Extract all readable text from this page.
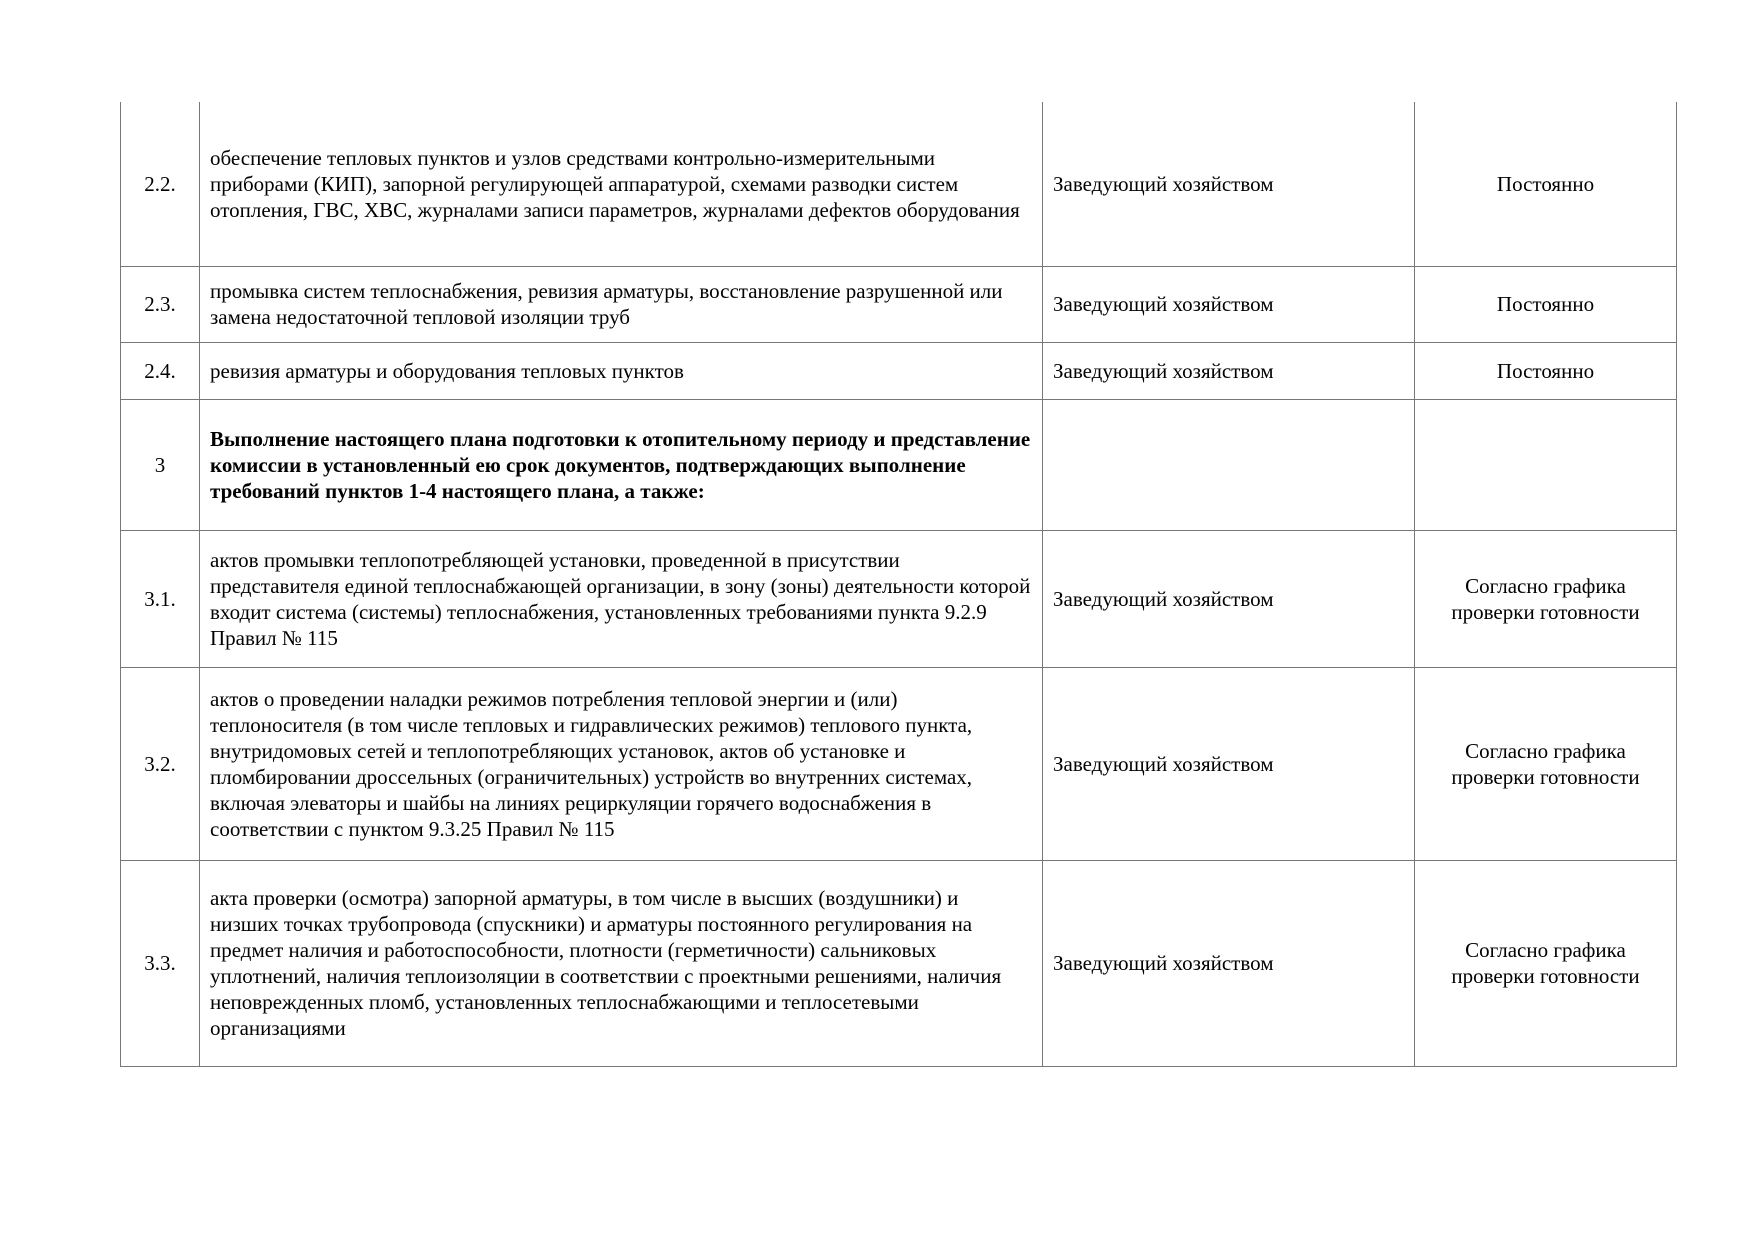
2.2.	обеспечение тепловых пунктов и узлов средствами контрольно-измерительными приборами (КИП), запорной регулирующей аппаратурой, схемами разводки систем отопления, ГВС, ХВС, журналами записи параметров, журналами дефектов оборудования	Заведующий хозяйством	Постоянно
2.3.	промывка систем теплоснабжения, ревизия арматуры, восстановление разрушенной или замена недостаточной тепловой изоляции труб	Заведующий хозяйством	Постоянно
2.4.	ревизия арматуры и оборудования тепловых пунктов	Заведующий хозяйством	Постоянно
3	Выполнение настоящего плана подготовки к отопительному периоду и представление комиссии в установленный ею срок документов, подтверждающих выполнение требований пунктов 1-4 настоящего плана, а также:		
3.1.	актов промывки теплопотребляющей установки, проведенной в присутствии представителя единой теплоснабжающей организации, в зону (зоны) деятельности которой входит система (системы) теплоснабжения, установленных требованиями пункта 9.2.9 Правил № 115	Заведующий хозяйством	Согласно графика проверки готовности
3.2.	актов о проведении наладки режимов потребления тепловой энергии и (или) теплоносителя (в том числе тепловых и гидравлических режимов) теплового пункта, внутридомовых сетей и теплопотребляющих установок, актов об установке и пломбировании дроссельных (ограничительных) устройств во внутренних системах, включая элеваторы и шайбы на линиях рециркуляции горячего водоснабжения в соответствии с пунктом 9.3.25 Правил № 115	Заведующий хозяйством	Согласно графика проверки готовности
3.3.	акта проверки (осмотра) запорной арматуры, в том числе в высших (воздушники) и низших точках трубопровода (спускники) и арматуры постоянного регулирования на предмет наличия и работоспособности, плотности (герметичности) сальниковых уплотнений, наличия теплоизоляции в соответствии с проектными решениями, наличия неповрежденных пломб, установленных теплоснабжающими и теплосетевыми организациями	Заведующий хозяйством	Согласно графика проверки готовности
